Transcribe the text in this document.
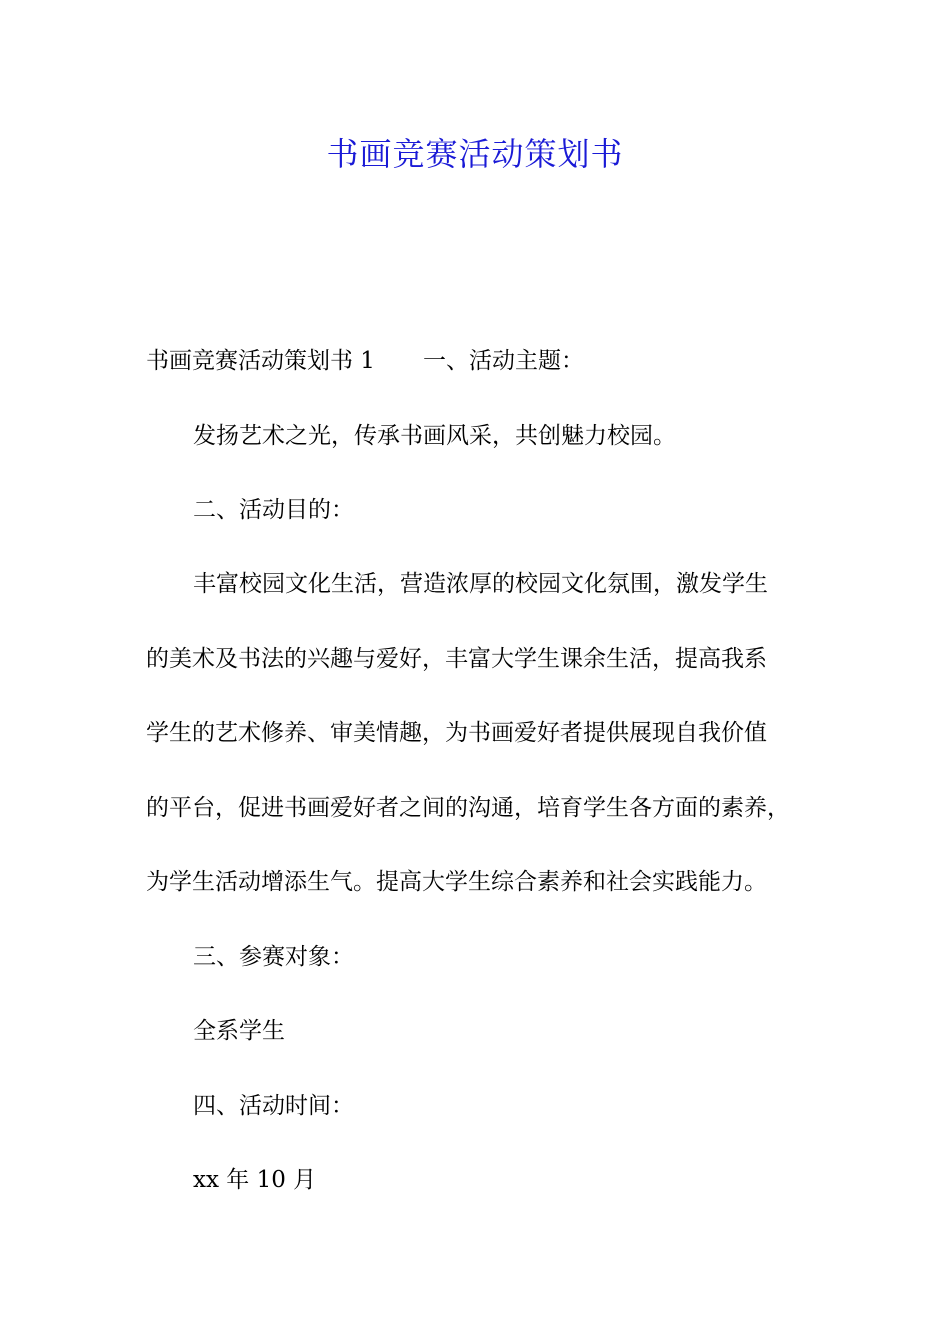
书画竞赛活动策划书
书画竞赛活动策划书 1 一、活动主题：
发扬艺术之光，传承书画风采，共创魅力校园。
二、活动目的：
丰富校园文化生活，营造浓厚的校园文化氛围，激发学生
的美术及书法的兴趣与爱好，丰富大学生课余生活，提高我系
学生的艺术修养、审美情趣，为书画爱好者提供展现自我价值
的平台，促进书画爱好者之间的沟通，培育学生各方面的素养，
为学生活动增添生气。提高大学生综合素养和社会实践能力。
三、参赛对象：
全系学生
四、活动时间：
xx 年 10 月
